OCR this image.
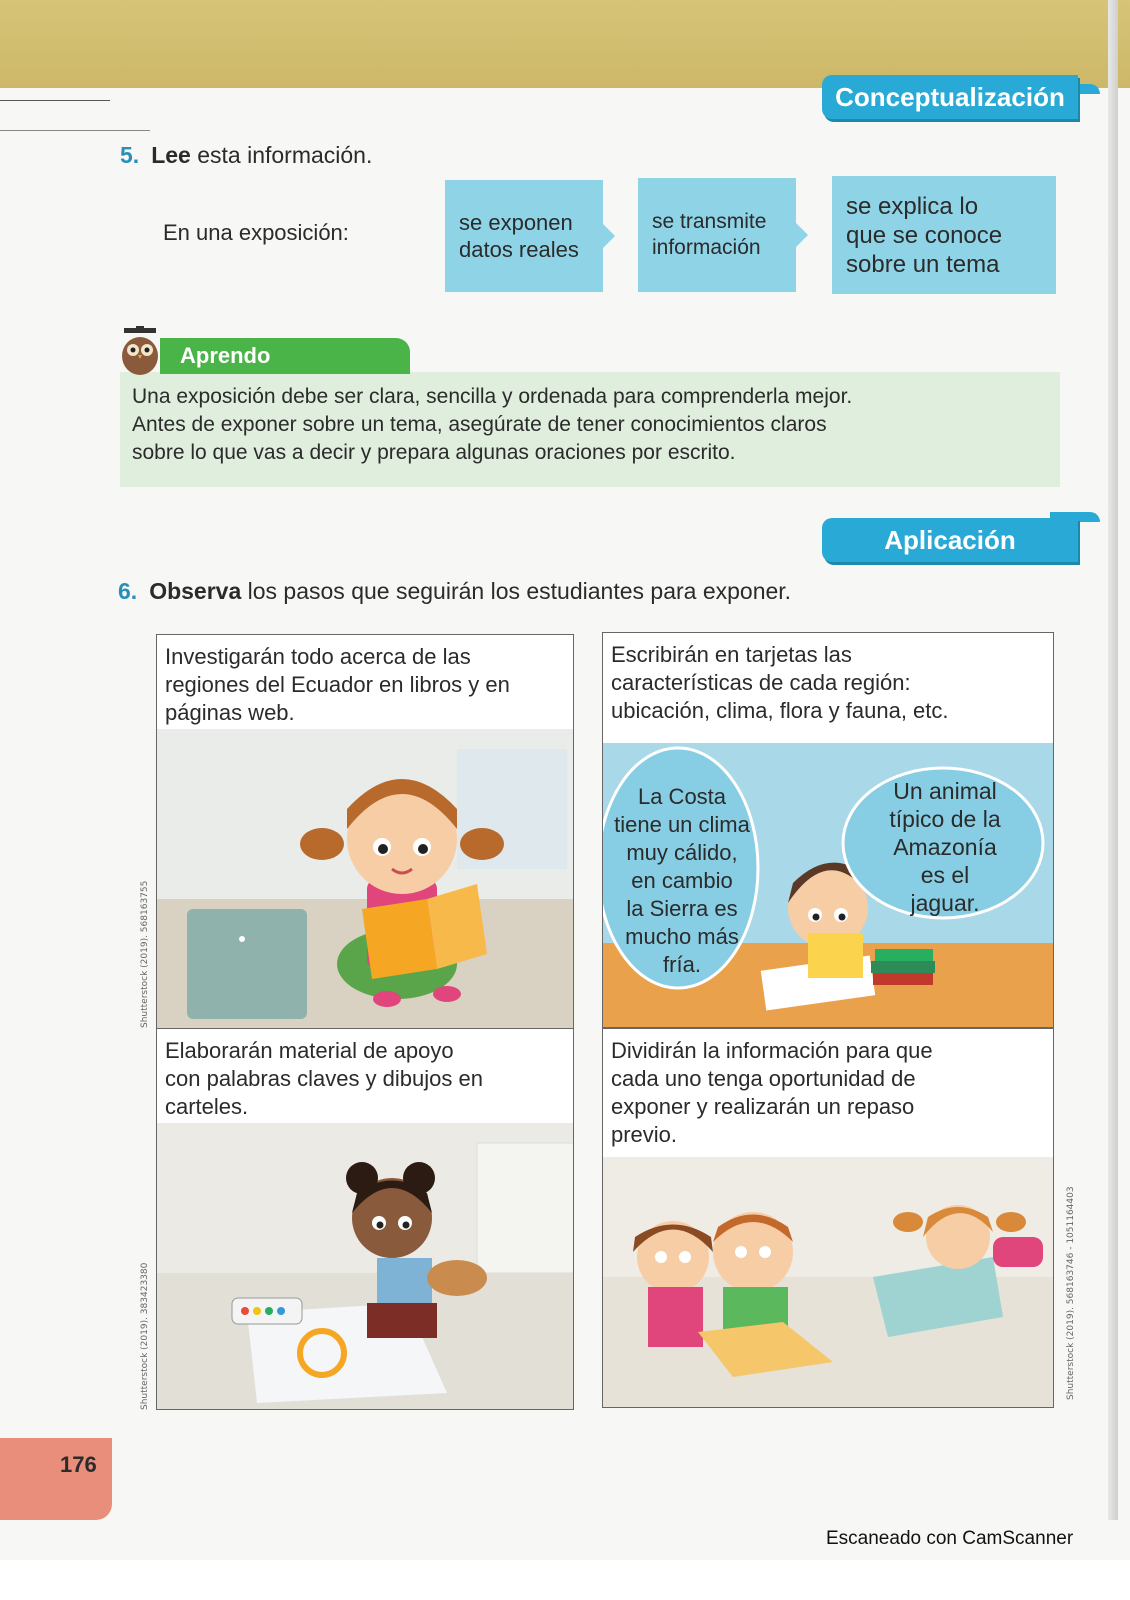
Conceptualización
5. Lee esta información.
En una exposición:	se exponen
datos reales
se transmite
información
se explica lo
que se conoce
sobre un tema
Aprendo
Una exposición debe ser clara, sencilla y ordenada para comprenderla mejor.
Antes de exponer sobre un tema, asegúrate de tener conocimientos claros
sobre lo que vas a decir y prepara algunas oraciones por escrito.
Aplicación
6. Observa los pasos que seguirán los estudiantes para exponer.
Investigarán todo acerca de las
regiones del Ecuador en libros y en
páginas web.
Escribirán en tarjetas las
características de cada región:
ubicación, clima, flora y fauna, etc.
La Costa
tiene un clima
muy cálido,
en cambio
la Sierra es
mucho más
fría.
Un animal
típico de la
Amazonía
es el
jaguar.
Elaborarán material de apoyo
con palabras claves y dibujos en
carteles.
Dividirán la información para que
cada uno tenga oportunidad de
exponer y realizarán un repaso
previo.
Shutterstock (2019). 568163755
Shutterstock (2019). 383423380	Shutterstock (2019). 568163746 - 1051164403
176
Escaneado con CamScanner
